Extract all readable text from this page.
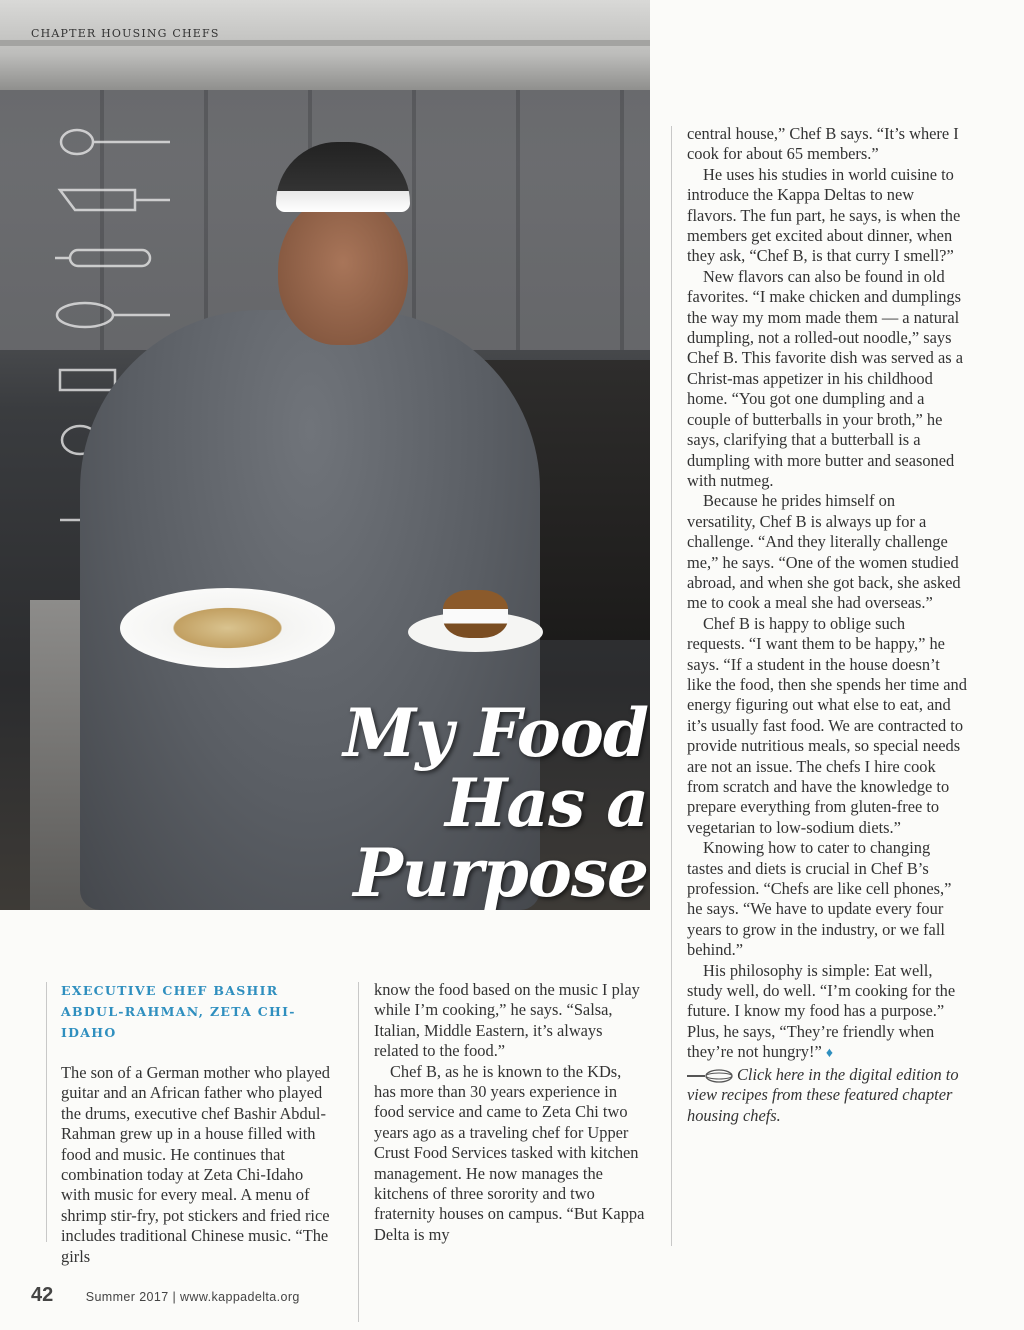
My Food
Has a
Purpose
CHAPTER HOUSING CHEFS
EXECUTIVE CHEF BASHIR ABDUL-RAHMAN, ZETA CHI-IDAHO

The son of a German mother who played guitar and an African father who played the drums, executive chef Bashir Abdul-Rahman grew up in a house filled with food and music. He continues that combination today at Zeta Chi-Idaho with music for every meal. A menu of shrimp stir-fry, pot stickers and fried rice includes traditional Chinese music. “The girls

know the food based on the music I play while I’m cooking,” he says. “Salsa, Italian, Middle Eastern, it’s always related to the food.”

Chef B, as he is known to the KDs, has more than 30 years experience in food service and came to Zeta Chi two years ago as a traveling chef for Upper Crust Food Services tasked with kitchen management. He now manages the kitchens of three sorority and two fraternity houses on campus. “But Kappa Delta is my

central house,” Chef B says. “It’s where I cook for about 65 members.”

He uses his studies in world cuisine to introduce the Kappa Deltas to new flavors. The fun part, he says, is when the members get excited about dinner, when they ask, “Chef B, is that curry I smell?”

New flavors can also be found in old favorites. “I make chicken and dumplings the way my mom made them — a natural dumpling, not a rolled-out noodle,” says Chef B. This favorite dish was served as a Christ-mas appetizer in his childhood home. “You got one dumpling and a couple of butterballs in your broth,” he says, clarifying that a butterball is a dumpling with more butter and seasoned with nutmeg.

Because he prides himself on versatility, Chef B is always up for a challenge. “And they literally challenge me,” he says. “One of the women studied abroad, and when she got back, she asked me to cook a meal she had overseas.”

Chef B is happy to oblige such requests. “I want them to be happy,” he says. “If a student in the house doesn’t like the food, then she spends her time and energy figuring out what else to eat, and it’s usually fast food. We are contracted to provide nutritious meals, so special needs are not an issue. The chefs I hire cook from scratch and have the knowledge to prepare everything from gluten-free to vegetarian to low-sodium diets.”

Knowing how to cater to changing tastes and diets is crucial in Chef B’s profession. “Chefs are like cell phones,” he says. “We have to update every four years to grow in the industry, or we fall behind.”

His philosophy is simple: Eat well, study well, do well. “I’m cooking for the future. I know my food has a purpose.” Plus, he says, “They’re friendly when they’re not hungry!” ♦

Click here in the digital edition to view recipes from these featured chapter housing chefs.

42	Summer 2017 | www.kappadelta.org
